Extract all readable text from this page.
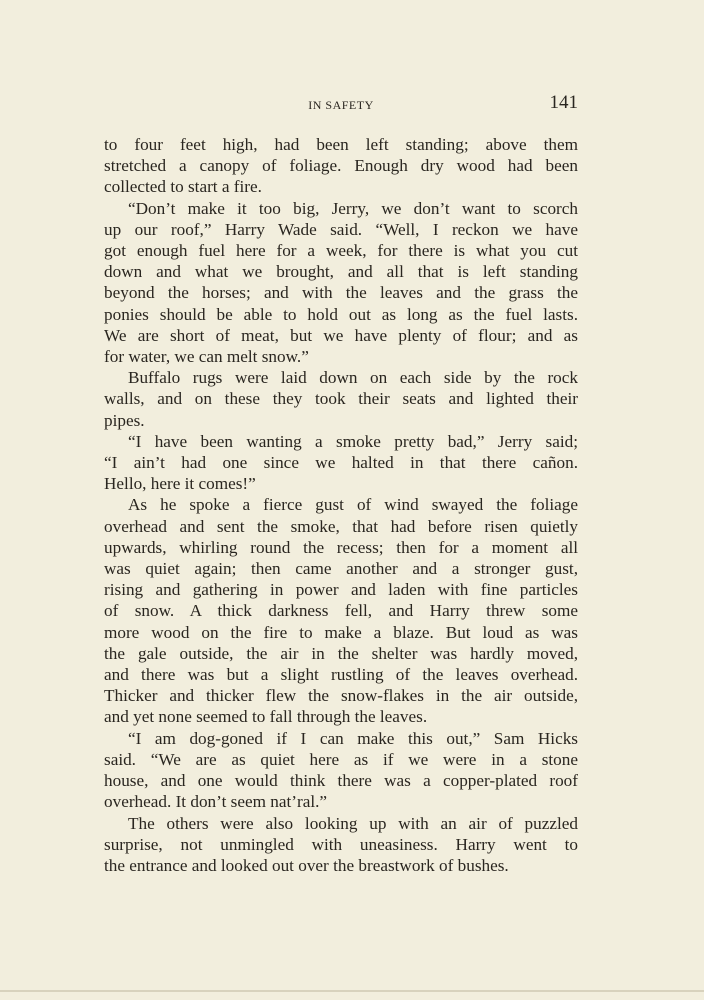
IN SAFETY	141
to four feet high, had been left standing; above them
stretched a canopy of foliage. Enough dry wood had been
collected to start a fire.
“Don’t make it too big, Jerry, we don’t want to scorch
up our roof,” Harry Wade said. “Well, I reckon we have
got enough fuel here for a week, for there is what you cut
down and what we brought, and all that is left standing
beyond the horses; and with the leaves and the grass the
ponies should be able to hold out as long as the fuel lasts.
We are short of meat, but we have plenty of flour; and as
for water, we can melt snow.”
Buffalo rugs were laid down on each side by the rock
walls, and on these they took their seats and lighted their
pipes.
“I have been wanting a smoke pretty bad,” Jerry said;
“I ain’t had one since we halted in that there cañon.
Hello, here it comes!”
As he spoke a fierce gust of wind swayed the foliage
overhead and sent the smoke, that had before risen quietly
upwards, whirling round the recess; then for a moment all
was quiet again; then came another and a stronger gust,
rising and gathering in power and laden with fine particles
of snow. A thick darkness fell, and Harry threw some
more wood on the fire to make a blaze. But loud as was
the gale outside, the air in the shelter was hardly moved,
and there was but a slight rustling of the leaves overhead.
Thicker and thicker flew the snow-flakes in the air outside,
and yet none seemed to fall through the leaves.
“I am dog-goned if I can make this out,” Sam Hicks
said. “We are as quiet here as if we were in a stone
house, and one would think there was a copper-plated roof
overhead. It don’t seem nat’ral.”
The others were also looking up with an air of puzzled
surprise, not unmingled with uneasiness. Harry went to
the entrance and looked out over the breastwork of bushes.
